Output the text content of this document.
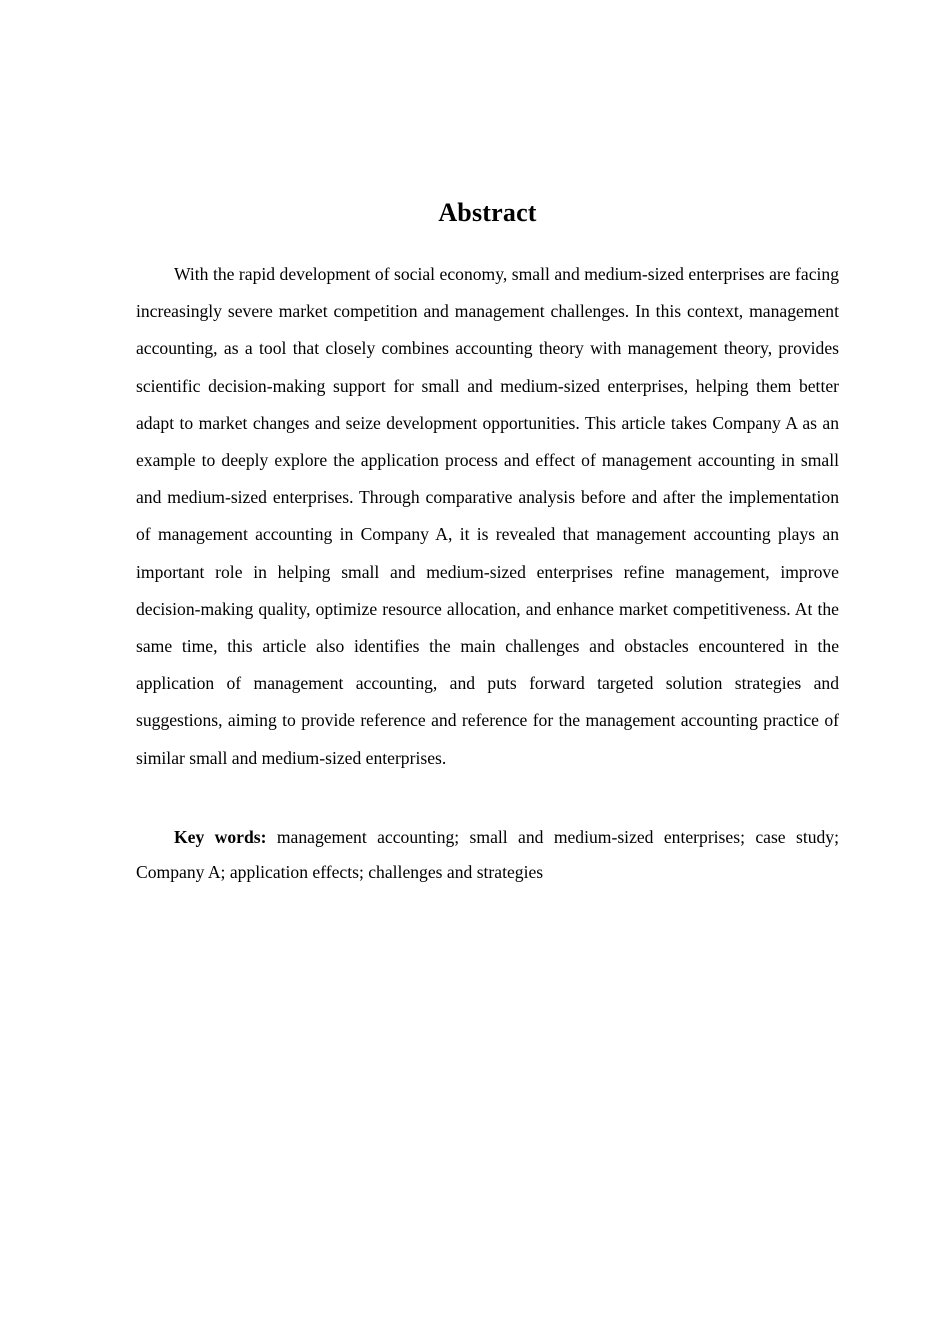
Abstract

With the rapid development of social economy, small and medium-sized enterprises are facing increasingly severe market competition and management challenges. In this context, management accounting, as a tool that closely combines accounting theory with management theory, provides scientific decision-making support for small and medium-sized enterprises, helping them better adapt to market changes and seize development opportunities. This article takes Company A as an example to deeply explore the application process and effect of management accounting in small and medium-sized enterprises. Through comparative analysis before and after the implementation of management accounting in Company A, it is revealed that management accounting plays an important role in helping small and medium-sized enterprises refine management, improve decision-making quality, optimize resource allocation, and enhance market competitiveness. At the same time, this article also identifies the main challenges and obstacles encountered in the application of management accounting, and puts forward targeted solution strategies and suggestions, aiming to provide reference and reference for the management accounting practice of similar small and medium-sized enterprises.

Key words: management accounting; small and medium-sized enterprises; case study; Company A; application effects; challenges and strategies
